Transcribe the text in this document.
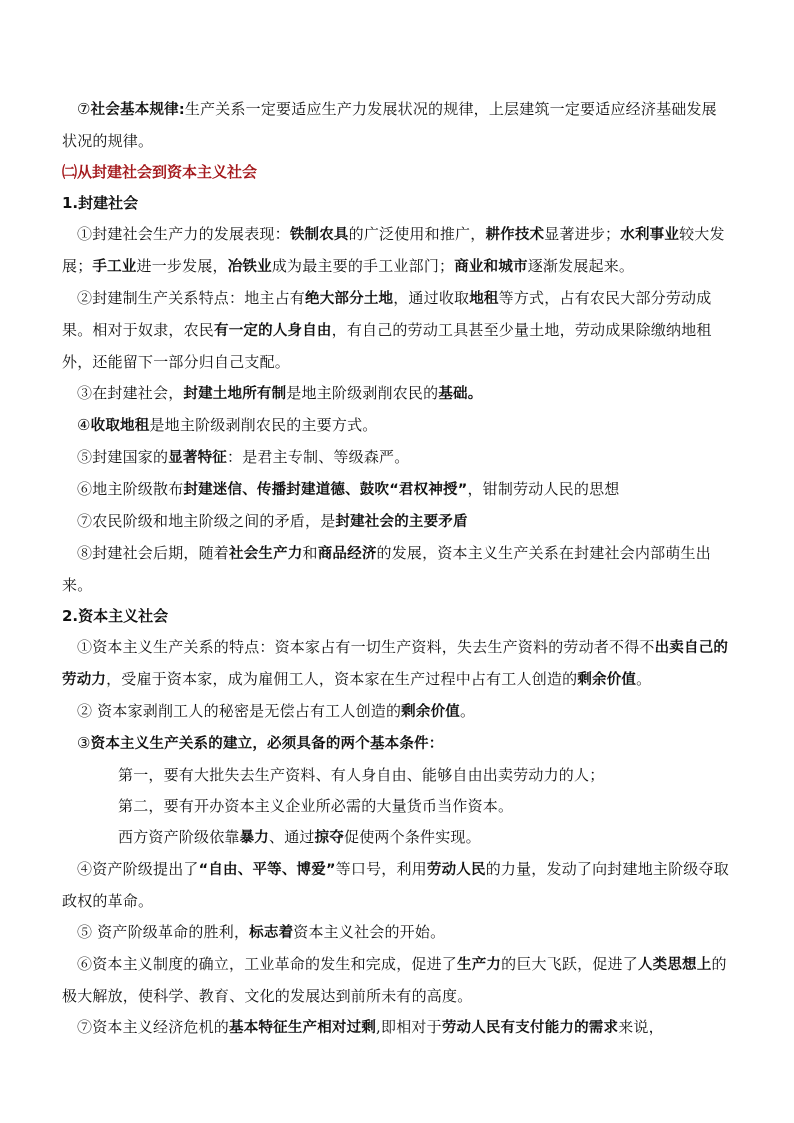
⑦社会基本规律:生产关系一定要适应生产力发展状况的规律，上层建筑一定要适应经济基础发展状况的规律。

㈡从封建社会到资本主义社会

1.封建社会

①封建社会生产力的发展表现：铁制农具的广泛使用和推广，耕作技术显著进步；水利事业较大发展；手工业进一步发展，冶铁业成为最主要的手工业部门；商业和城市逐渐发展起来。

②封建制生产关系特点：地主占有绝大部分土地，通过收取地租等方式，占有农民大部分劳动成果。相对于奴隶，农民有一定的人身自由，有自己的劳动工具甚至少量土地，劳动成果除缴纳地租外，还能留下一部分归自己支配。

③在封建社会，封建土地所有制是地主阶级剥削农民的基础。

④收取地租是地主阶级剥削农民的主要方式。

⑤封建国家的显著特征：是君主专制、等级森严。

⑥地主阶级散布封建迷信、传播封建道德、鼓吹“君权神授”，钳制劳动人民的思想

⑦农民阶级和地主阶级之间的矛盾，是封建社会的主要矛盾

⑧封建社会后期，随着社会生产力和商品经济的发展，资本主义生产关系在封建社会内部萌生出来。

2.资本主义社会

①资本主义生产关系的特点：资本家占有一切生产资料，失去生产资料的劳动者不得不出卖自己的劳动力，受雇于资本家，成为雇佣工人，资本家在生产过程中占有工人创造的剩余价值。

② 资本家剥削工人的秘密是无偿占有工人创造的剩余价值。

③资本主义生产关系的建立，必须具备的两个基本条件：

第一，要有大批失去生产资料、有人身自由、能够自由出卖劳动力的人；

第二，要有开办资本主义企业所必需的大量货币当作资本。

西方资产阶级依靠暴力、通过掠夺促使两个条件实现。

④资产阶级提出了“自由、平等、博爱”等口号，利用劳动人民的力量，发动了向封建地主阶级夺取政权的革命。

⑤ 资产阶级革命的胜利，标志着资本主义社会的开始。

⑥资本主义制度的确立，工业革命的发生和完成，促进了生产力的巨大飞跃，促进了人类思想上的极大解放，使科学、教育、文化的发展达到前所未有的高度。

⑦资本主义经济危机的基本特征生产相对过剩,即相对于劳动人民有支付能力的需求来说，
